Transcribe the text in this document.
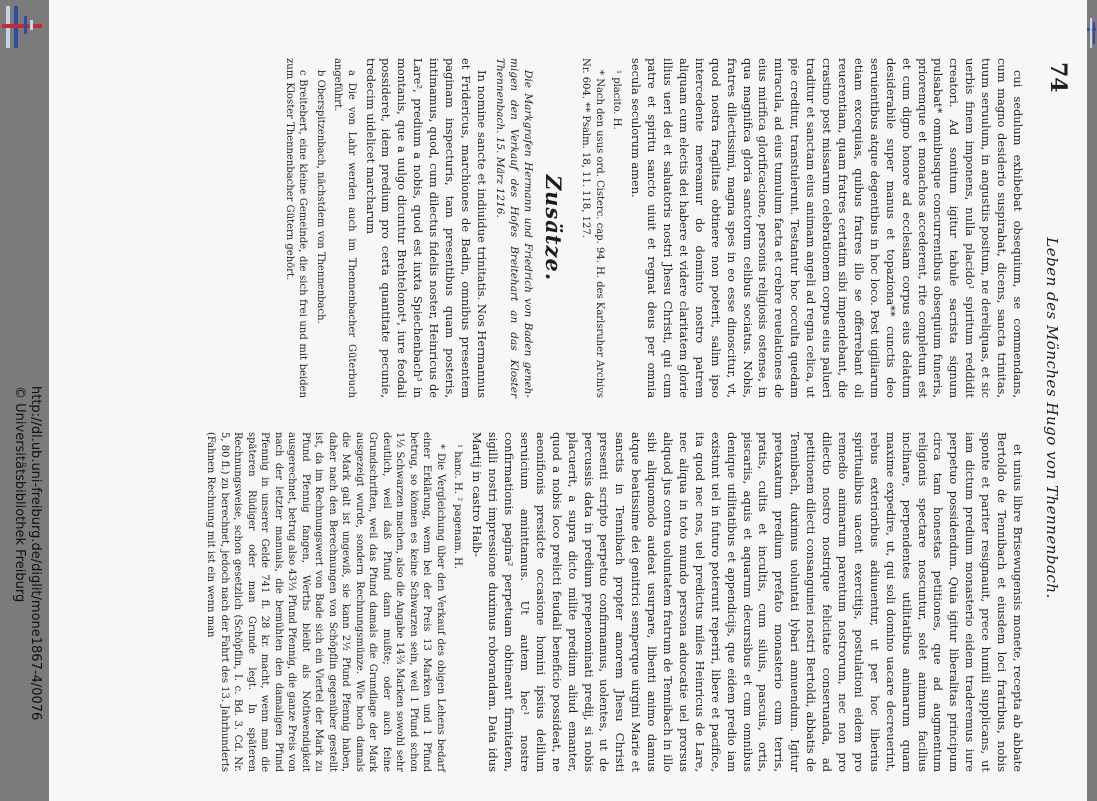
http://dl.ub.uni-freiburg.de/diglit/mone1867-4/0076
© Universitätsbibliothek Freiburg
74
Leben des Mönches Hugo von Thennenbach.

cui sedulum exhibebat obsequium, se commendans, cum magno desiderio suspirabat, dicens, sancta trinitas, tuum seruulum, in angustiis positum, ne dereliquas, et sic uerbis finem imponens, nulla placido¹ spiritum reddidit creatori. Ad sonitum igitur tabule sacrista signum pulsabat* omnibusque concurrentibus obsequium funeris, prioremque et monachos accederent, rite completum est et cum digno honore ad ecclesiam corpus eius delatum desiderabile super manus et topaziona** cunctis deo seruientibus atque degentibus in hoc loco. Post uigiliarum etiam excequias, quibus fratres illo se offerrebant oli reuerentiam, quam fratres certatim sibi impendebant, die crastino post missarum celebrationem corpus eius palueri traditur et sanctam eius animam angeli ad regna celica, ut pie creditur, transtulerunt. Testantur hoc occulta quedam miracula, ad eius tumulum facta et crebre reuelationes de eius mirifica glorificacione, personis religiosis ostense, in qua magnifica gloria sanctorum celibus sociatus. Nobis, fratres dilectissimi, magna spes in eo esse dinoscitur, vt, quod nostra fragilitas obtinere non poterit, salim ipso intercedente mereamur do dominto nostro patrem aliquam cum electis dei habere et videre claritatem glorie illius ueri dei et saluatoris nostri Jhesu Christi, qui cum patre et spiritu sancto uiuit et regnat deus per omnia secula seculorum amen.

¹ placito. H.

* Nach den usus ord. Cisterc. cap. 94. H. des Karlsruher Archivs Nr. 604. ** Psalm. 18, 11. 118, 127.

Zusätze.

Die Markgrafen Hermann und Friedrich von Baden geneh-migen den Verkauf des Hofes Breitehart an das Kloster Thennenbach. 15. März 1216.

In nomine sancte et indiuidue trinitatis. Nos Hermannus et Fridericus, marchiones de Badin, omnibus presentem paginam inspecturis, tam presentibus quam posteris, intimamus, quod, cum dilectus fidelis noster, Heinricus de Lare², predium a nobis, quod est iuxta Spiechenbach³ in montanis, que a uulgo dicuntur Brehtelonot⁴, iure feodali possideret, idem predium pro certa quantitate pecunie, tredecim uidelicet marcharum

a Die von Lahr werden auch im Thennenbacher Güterbuch angeführt.

b Oberspitzenbach, nächstdem von Thennenbach.

c Breitebert, eine kleine Gemeinde, die sich frei und mit beiden zum Kloster Thennenbacher Gütern gehört.

et unius libre Brisewugensis monete, recepta ab abbate Bertoldo de Tennibach et eiusdem loci fratribus, nobis sponte et pariter resignauit, prece humili supplicans, ut iam dictum predium monasterio eidem traderemus iure perpetuo possidendum. Quia igitur liberalitas principum circa tam honestas petitiones, que ad augmentum religionis spectare noscuntur, solet animum facilius inclinare, perpendentes utilitatibus animarum quam maxime expedire, ut, qui soli domino uacare decreuerint, rebus exterioribus adiuuentur, ut per hoc liberius spiritualibus uacent exercitijs, postulationi eidem pro remedio animarum parentum nostrorum, nec non pro dilectio nostro nostrique felicitate conseruanda, ad petitionem dilecti consanguinei nostri Bertoldi, abbatis de Tennibach, duximus uoluntati lybari annuendum. Igitur pretaxatum predium prefato monasterio cum terris, pratis, cultis et incultis, cum siluis, pascuis, ortis, piscariis, aquis et aquarum decursibus et cum omnibus denique utilitatibus et appendicijs, que eidem predio iam existunt uel in futuro poterunt reperiri, libere et pacifice, ita quod nec nos, uel predictus miles Heinricus de Lare, nec aliqua in toto mundo persona aduocatie uel prorsus aliquod jus contra uoluntatem fratrum de Tennibach in illo sibi aliquomodo audeat usurpare, libenti animo damus atque beatissime dei genitrici semperque uirgini Marie et sanctis in Tennibach propter amorem Jhesu Christi presenti scripto perpetuo confirmamus, uolentes, ut de percussis data in predium prepenominati predij, si nobis placuerit, a supra dicto milite predium aliud emanter, quod a nobis loco prelicti feudali beneficio possideat, ne aeonifionis presidcte occasione homini ipsius delilum seruicium aminttamus. Ut autem hec¹ nostre confirmationis pagina² perpetuam obtineant firmitatem, sigilli nostri impressione duximus roborandam. Data idus Martij in castro Halb-

¹ hanc. H. ² pagenam. H.

* Die Vergleichung über den Verkauf des obigen Lehens bedarf einer Erklärung, wenn bei der Preis 13 Marken und 1 Pfund betrug, so können es keine Schwarzen sein, weil 1 Pfund schon 1½ Schwarzen machen, also die Angabe 14⅔ Marken sowohl sehr deutlich, weil daß Pfund dann mußte; oder auch feine Grundschriften, weil das Pfund damals die Grundlage der Mark ausgezeigt wurde, sondern Rechnungsmünze. Wie hoch damals die Mark galt ist ungewiß, sie kann 2½ Pfund Pfennig haben, daher nach den Berechnungen von Schöpflin gegenüber gestellt ist, da im Rechnungswert von Bade sich ein Viertel der Mark zu Pfund Pfennig fangen, Werths bleibt als Nothwendigkeit ausgerechnet, betrug also 43⅓ Pfund Pfennig, die ganze Preis von nach der letzter manuals, die bemühten den damaligen Pfund Pfennig in unserer Gelde 741 fl. 28 kr. macht, wenn man die späteren Rüdiger oder man Grunde legt. In späteren Rechnungsweise, schon gesetzlich (Schöpflin, I. c. Bd. 3. Cd. Nr. 5, 80 fl.) zu berechnet, jedoch nach der Fahrt des 13. Jahrhunderts (Fahnen Rechnung mit ist ein wenn man
